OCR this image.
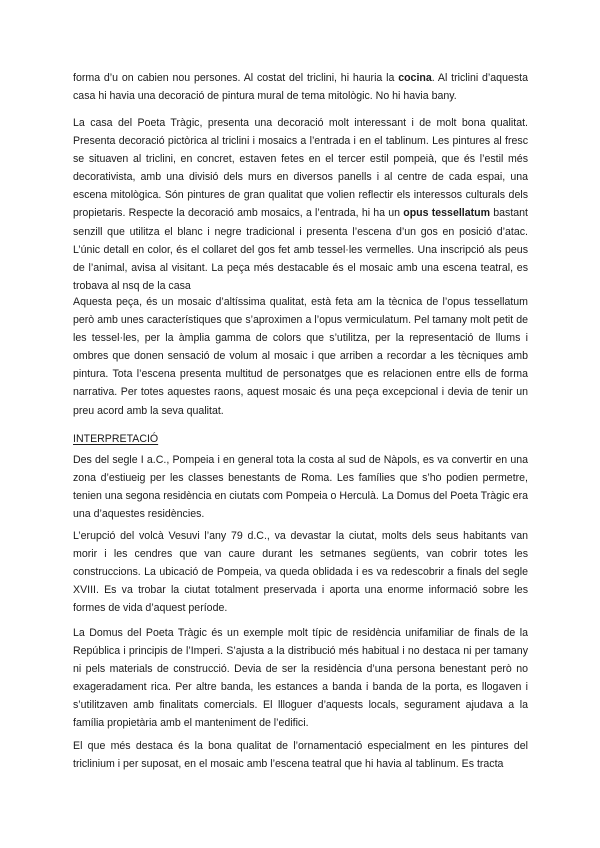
forma d’u on cabien nou persones. Al costat del triclini, hi hauria la cocina. Al triclini d’aquesta casa hi havia una decoració de pintura mural de tema mitològic. No hi havia bany.

La casa del Poeta Tràgic, presenta una decoració molt interessant i de molt bona qualitat. Presenta decoració pictòrica al triclini i mosaics a l’entrada i en el tablinum. Les pintures al fresc se situaven al triclini, en concret, estaven fetes en el tercer estil pompeià, que és l’estil més decorativista, amb una divisió dels murs en diversos panells i al centre de cada espai, una escena mitològica. Són pintures de gran qualitat que volien reflectir els interessos culturals dels propietaris. Respecte la decoració amb mosaics, a l’entrada, hi ha un opus tessellatum bastant senzill que utilitza el blanc i negre tradicional i presenta l’escena d’un gos en posició d’atac. L’únic detall en color, és el collaret del gos fet amb tessel·les vermelles. Una inscripció als peus de l’animal, avisa al visitant. La peça més destacable és el mosaic amb una escena teatral, es trobava al nsq de la casa

Aquesta peça, és un mosaic d’altíssima qualitat, està feta am la tècnica de l’opus tessellatum però amb unes característiques que s’aproximen a l’opus vermiculatum. Pel tamany molt petit de les tessel·les, per la àmplia gamma de colors que s’utilitza, per la representació de llums i ombres que donen sensació de volum al mosaic i que arriben a recordar a les tècniques amb pintura. Tota l’escena presenta multitud de personatges que es relacionen entre ells de forma narrativa. Per totes aquestes raons, aquest mosaic és una peça excepcional i devia de tenir un preu acord amb la seva qualitat.

INTERPRETACIÓ

Des del segle I a.C., Pompeia i en general tota la costa al sud de Nàpols, es va convertir en una zona d’estiueig per les classes benestants de Roma. Les famílies que s’ho podien permetre, tenien una segona residència en ciutats com Pompeia o Herculà. La Domus del Poeta Tràgic era una d’aquestes residències.

L’erupció del volcà Vesuvi l’any 79 d.C., va devastar la ciutat, molts dels seus habitants van morir i les cendres que van caure durant les setmanes següents, van cobrir totes les construccions. La ubicació de Pompeia, va queda oblidada i es va redescobrir a finals del segle XVIII. Es va trobar la ciutat totalment preservada i aporta una enorme informació sobre les formes de vida d’aquest període.

La Domus del Poeta Tràgic és un exemple molt típic de residència unifamiliar de finals de la República i principis de l’Imperi. S’ajusta a la distribució més habitual i no destaca ni per tamany ni pels materials de construcció. Devia de ser la residència d’una persona benestant però no exageradament rica. Per altre banda, les estances a banda i banda de la porta, es llogaven i s’utilitzaven amb finalitats comercials. El llloguer d’aquests locals, segurament ajudava a la família propietària amb el manteniment de l’edifici.

El que més destaca és la bona qualitat de l’ornamentació especialment en les pintures del triclinium i per suposat, en el mosaic amb l’escena teatral que hi havia al tablinum. Es tracta
